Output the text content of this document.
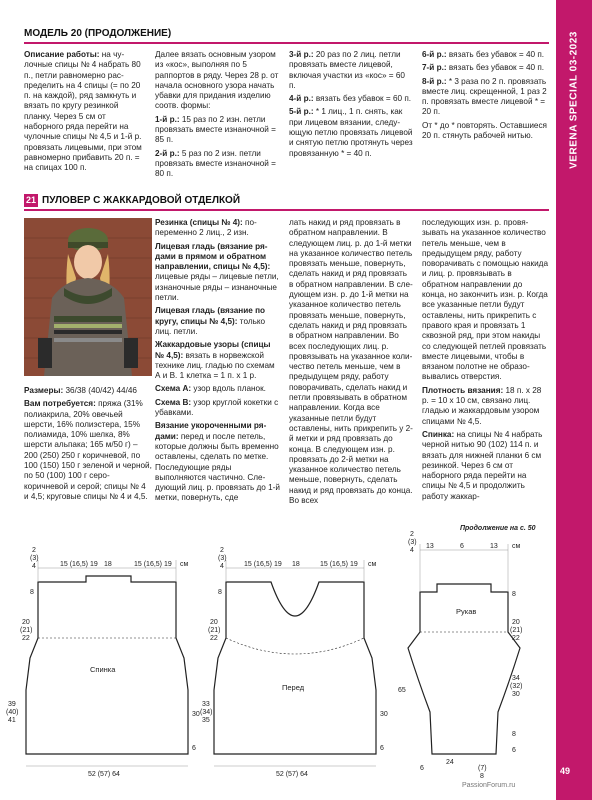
МОДЕЛЬ 20 (ПРОДОЛЖЕНИЕ)

Описание работы: на чулочные спицы № 4 набрать 80 п., петли равномерно распределить на 4 спицы (= по 20 п. на каждой), ряд замкнуть и вязать по кругу резинкой планку. Через 5 см от наборного ряда перейти на чулочные спицы № 4,5 и 1-й р. провязать лицевыми, при этом равномерно прибавить 20 п. = на спицах 100 п.

Далее вязать основным узором из «кос», выполняя по 5 раппортов в ряду. Через 28 р. от начала основного узора начать убавки для придания изделию соотв. формы:

1-й р.: 15 раз по 2 изн. петли провязать вместе изнаночной = 85 п.

2-й р.: 5 раз по 2 изн. петли провязать вместе изнаночной = 80 п.

3-й р.: 20 раз по 2 лиц. петли провязать вместе лицевой, включая участки из «кос» = 60 п.

4-й р.: вязать без убавок = 60 п.

5-й р.: * 1 лиц., 1 п. снять, как при лицевом вязании, следующую петлю провязать лицевой и снятую петлю протянуть через провязанную * = 40 п.

6-й р.: вязать без убавок = 40 п.

7-й р.: вязать без убавок = 40 п.

8-й р.: * 3 раза по 2 п. провязать вместе лиц. скрещенной, 1 раз 2 п. провязать вместе лицевой * = 20 п.

От * до * повторять. Оставшиеся 20 п. стянуть рабочей нитью.

21 ПУЛОВЕР С ЖАККАРДОВОЙ ОТДЕЛКОЙ

Размеры: 36/38 (40/42) 44/46

Вам потребуется: пряжа (31% полиакрила, 20% овечьей шерсти, 16% полиэстера, 15% полиамида, 10% шелка, 8% шерсти альпака; 165 м/50 г) – 200 (250) 250 г коричневой, по 100 (150) 150 г зеленой и черной, по 50 (100) 100 г серо-коричневой и серой; спицы № 4 и 4,5; круговые спицы № 4 и 4,5.

Резинка (спицы № 4): попеременно 2 лиц., 2 изн.

Лицевая гладь (вязание рядами в прямом и обратном направлении, спицы № 4,5): лицевые ряды – лицевые петли, изнаночные ряды – изнаночные петли.

Лицевая гладь (вязание по кругу, спицы № 4,5): только лиц. петли.

Жаккардовые узоры (спицы № 4,5): вязать в норвежской технике лиц. гладью по схемам А и В. 1 клетка = 1 п. х 1 р.

Схема А: узор вдоль планок.

Схема В: узор круглой кокетки с убавками.

Вязание укороченными рядами: перед и после петель, которые должны быть временно оставлены, сделать по метке. Последующие ряды выполняются частично. Следующий лиц. р. провязать до 1-й метки, повернуть, сде

лать накид и ряд провязать в обратном направлении. В следующем лиц. р. до 1-й метки на указанное количество петель провязать меньше, повернуть, сделать накид и ряд провязать в обратном направлении. В следующем изн. р. до 1-й метки на указанное количество петель провязать меньше, повернуть, сделать накид и ряд провязать в обратном направлении. Во всех последующих лиц. р. провязывать на указанное количество петель меньше, чем в предыдущем ряду, работу поворачивать, сделать накид и петли провязывать в обратном направлении. Когда все указанные петли будут оставлены, нить прикрепить у 2-й метки и ряд провязать до конца. В следующем изн. р. провязать до 2-й метки на указанное количество петель меньше, повернуть, сделать накид и ряд провязать до конца. Во всех

последующих изн. р. провязывать на указанное количество петель меньше, чем в предыдущем ряду, работу поворачивать с помощью накида и лиц. р. провязывать в обратном направлении до конца, но закончить изн. р. Когда все указанные петли будут оставлены, нить прикрепить с правого края и провязать 1 сквозной ряд, при этом накиды со следующей петлей провязать вместе лицевыми, чтобы в вязаном полотне не образовывались отверстия.

Плотность вязания: 18 п. х 28 р. = 10 х 10 см, связано лиц. гладью и жаккардовым узором спицами № 4,5.

Спинка: на спицы № 4 набрать черной нитью 90 (102) 114 п. и вязать для нижней планки 6 см резинкой. Через 6 см от наборного ряда перейти на спицы № 4,5 и продолжить работу жаккар-

Продолжение на с. 50
15 (16,5) 19 18	15 (16,5) 19 см
2
(3)
4
8
20
(21)
22
Спинка
39
(40)
41
30
6
52 (57) 64
15 (16,5) 19 18	15 (16,5) 19 см
2
(3)
4
8
20
(21)
22
Перед
33
(34)
35
30
6
52 (57) 64
13	6	13 см
2
(3)
4
8
20
(21)
22
Рукав
65
34
(32)
30
8
6
24
6	(7)
8
VERENA SPECIAL 03-2023
49
PassionForum.ru
